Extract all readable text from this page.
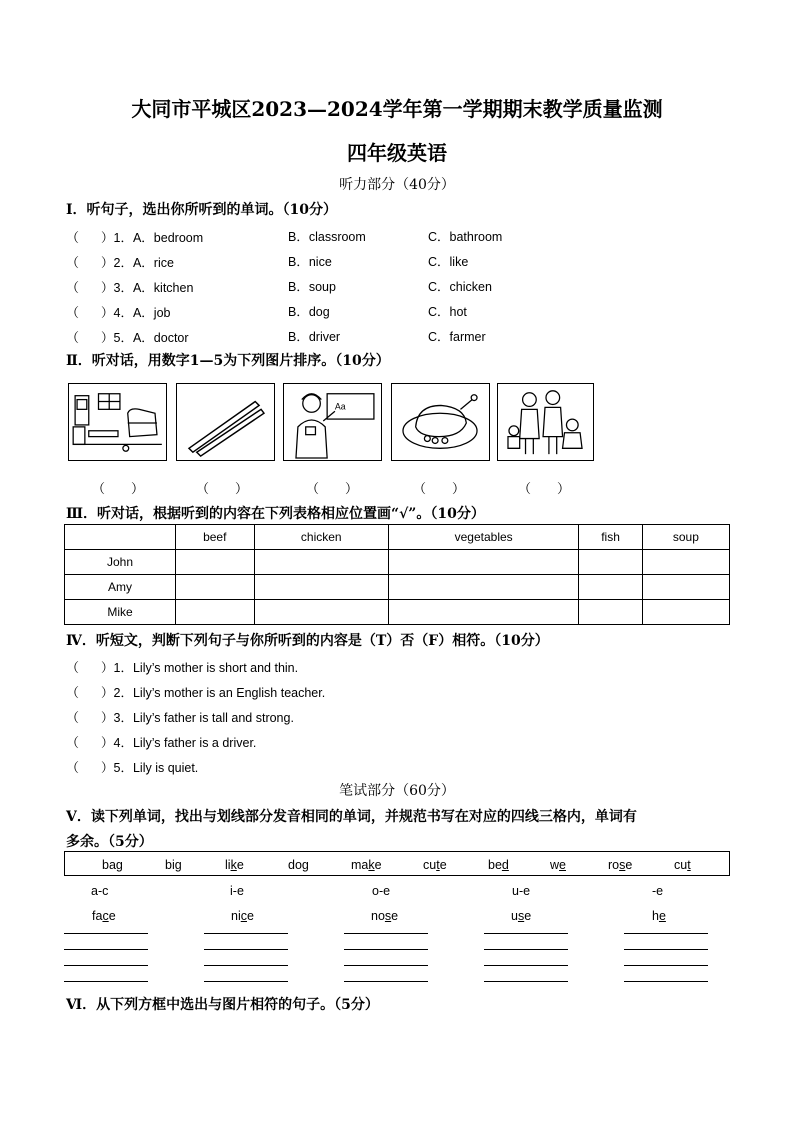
大同市平城区2023—2024学年第一学期期末教学质量监测
四年级英语
听力部分（40分）
Ⅰ．听句子，选出你所听到的单词。（10分）
（ ）1．A．bedroom	B．classroom	C．bathroom
（ ）2．A．rice	B．nice	C．like
（ ）3．A．kitchen	B．soup	C．chicken
（ ）4．A．job	B．dog	C．hot
（ ）5．A．doctor	B．driver	C．farmer
Ⅱ．听对话，用数字1—5为下列图片排序。（10分）
Aa
（　　）	（　　）	（　　）	（　　）	（　　）
Ⅲ．听对话，根据听到的内容在下列表格相应位置画“√”。（10分）
	beef	chicken	vegetables	fish	soup
John					
Amy					
Mike					
Ⅳ．听短文，判断下列句子与你所听到的内容是（T）否（F）相符。（10分）
（ ）1．Lily’s mother is short and thin.
（ ）2．Lily’s mother is an English teacher.
（ ）3．Lily’s father is tall and strong.
（ ）4．Lily’s father is a driver.
（ ）5．Lily is quiet.
笔试部分（60分）
Ⅴ．读下列单词，找出与划线部分发音相同的单词，并规范书写在对应的四线三格内，单词有
多余。（5分）
bag	big	like	dog	make	cute	bed	we	rose	cut
a-c	i-e	o-e	u-e	-e
face	nice	nose	use	he
Ⅵ．从下列方框中选出与图片相符的句子。（5分）
